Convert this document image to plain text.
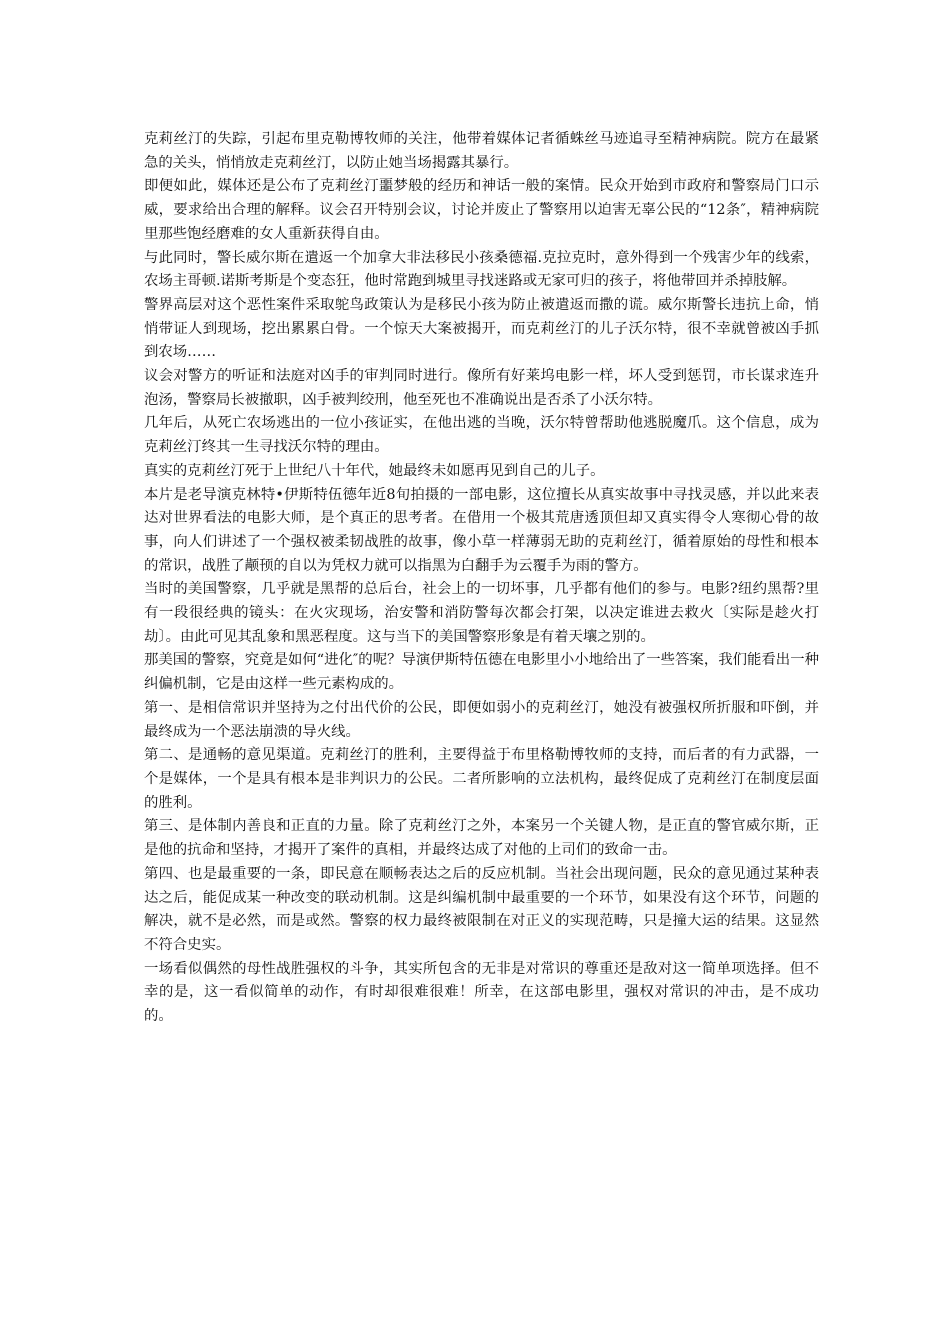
克莉丝汀的失踪，引起布里克勒博牧师的关注，他带着媒体记者循蛛丝马迹追寻至精神病院。院方在最紧急的关头，悄悄放走克莉丝汀，以防止她当场揭露其暴行。

即便如此，媒体还是公布了克莉丝汀噩梦般的经历和神话一般的案情。民众开始到市政府和警察局门口示威，要求给出合理的解释。议会召开特别会议，讨论并废止了警察用以迫害无辜公民的“12条″，精神病院里那些饱经磨难的女人重新获得自由。

与此同时，警长威尔斯在遣返一个加拿大非法移民小孩桑德福.克拉克时，意外得到一个残害少年的线索，农场主哥顿.诺斯考斯是个变态狂，他时常跑到城里寻找迷路或无家可归的孩子，将他带回并杀掉肢解。

警界高层对这个恶性案件采取鸵鸟政策认为是移民小孩为防止被遣返而撒的谎。威尔斯警长违抗上命，悄悄带证人到现场，挖出累累白骨。一个惊天大案被揭开，而克莉丝汀的儿子沃尔特，很不幸就曾被凶手抓到农场……

议会对警方的听证和法庭对凶手的审判同时进行。像所有好莱坞电影一样，坏人受到惩罚，市长谋求连升泡汤，警察局长被撤职，凶手被判绞刑，他至死也不准确说出是否杀了小沃尔特。

几年后，从死亡农场逃出的一位小孩证实，在他出逃的当晚，沃尔特曾帮助他逃脱魔爪。这个信息，成为克莉丝汀终其一生寻找沃尔特的理由。

真实的克莉丝汀死于上世纪八十年代，她最终未如愿再见到自己的儿子。

本片是老导演克林特•伊斯特伍德年近8旬拍摄的一部电影，这位擅长从真实故事中寻找灵感，并以此来表达对世界看法的电影大师，是个真正的思考者。在借用一个极其荒唐透顶但却又真实得令人寒彻心骨的故事，向人们讲述了一个强权被柔韧战胜的故事，像小草一样薄弱无助的克莉丝汀，循着原始的母性和根本的常识，战胜了颟顸的自以为凭权力就可以指黑为白翻手为云覆手为雨的警方。

当时的美国警察，几乎就是黑帮的总后台，社会上的一切坏事，几乎都有他们的参与。电影?纽约黑帮?里有一段很经典的镜头：在火灾现场，治安警和消防警每次都会打架，以决定谁进去救火〔实际是趁火打劫〕。由此可见其乱象和黑恶程度。这与当下的美国警察形象是有着天壤之别的。

那美国的警察，究竟是如何“进化″的呢？导演伊斯特伍德在电影里小小地给出了一些答案，我们能看出一种纠偏机制，它是由这样一些元素构成的。

第一、是相信常识并坚持为之付出代价的公民，即便如弱小的克莉丝汀，她没有被强权所折服和吓倒，并最终成为一个恶法崩溃的导火线。

第二、是通畅的意见渠道。克莉丝汀的胜利，主要得益于布里格勒博牧师的支持，而后者的有力武器，一个是媒体，一个是具有根本是非判识力的公民。二者所影响的立法机构，最终促成了克莉丝汀在制度层面的胜利。

第三、是体制内善良和正直的力量。除了克莉丝汀之外，本案另一个关键人物，是正直的警官威尔斯，正是他的抗命和坚持，才揭开了案件的真相，并最终达成了对他的上司们的致命一击。

第四、也是最重要的一条，即民意在顺畅表达之后的反应机制。当社会出现问题，民众的意见通过某种表达之后，能促成某一种改变的联动机制。这是纠编机制中最重要的一个环节，如果没有这个环节，问题的解决，就不是必然，而是或然。警察的权力最终被限制在对正义的实现范畴，只是撞大运的结果。这显然不符合史实。

一场看似偶然的母性战胜强权的斗争，其实所包含的无非是对常识的尊重还是敌对这一简单项选择。但不幸的是，这一看似简单的动作，有时却很难很难！所幸，在这部电影里，强权对常识的冲击，是不成功的。
